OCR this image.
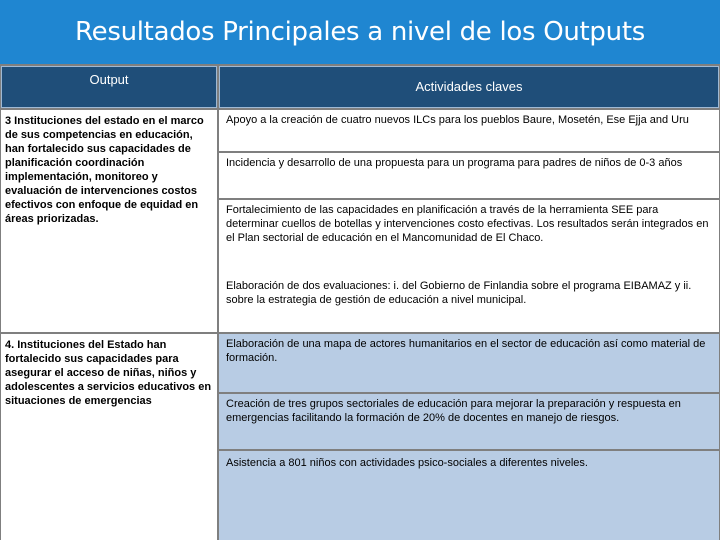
Resultados Principales a nivel de los Outputs
Output	Actividades claves
3 Instituciones del estado en el marco de sus competencias en educación, han fortalecido sus capacidades de planificación coordinación implementación, monitoreo y evaluación de intervenciones costos efectivos con enfoque de equidad en áreas priorizadas.
Apoyo a la creación de cuatro nuevos ILCs para los pueblos Baure, Mosetén, Ese Ejja and Uru
Incidencia y desarrollo de una propuesta para un programa para padres de niños de 0-3 años
Fortalecimiento de las capacidades en planificación a través de la herramienta SEE para determinar cuellos de botellas y intervenciones costo efectivas. Los resultados serán integrados en el Plan sectorial de educación en el Mancomunidad de El Chaco.
Elaboración de dos evaluaciones: i. del Gobierno de Finlandia sobre el programa EIBAMAZ y ii. sobre la estrategia de gestión de educación a nivel municipal.
4. Instituciones del Estado han fortalecido sus capacidades para asegurar el acceso de niñas, niños y adolescentes a servicios educativos en situaciones de emergencias
Elaboración de una mapa de actores humanitarios en el sector de educación así como material de formación.
Creación de tres grupos sectoriales de educación para mejorar la preparación y respuesta en emergencias facilitando la formación de 20% de docentes en manejo de riesgos.
Asistencia a 801 niños con actividades psico-sociales a diferentes niveles.
